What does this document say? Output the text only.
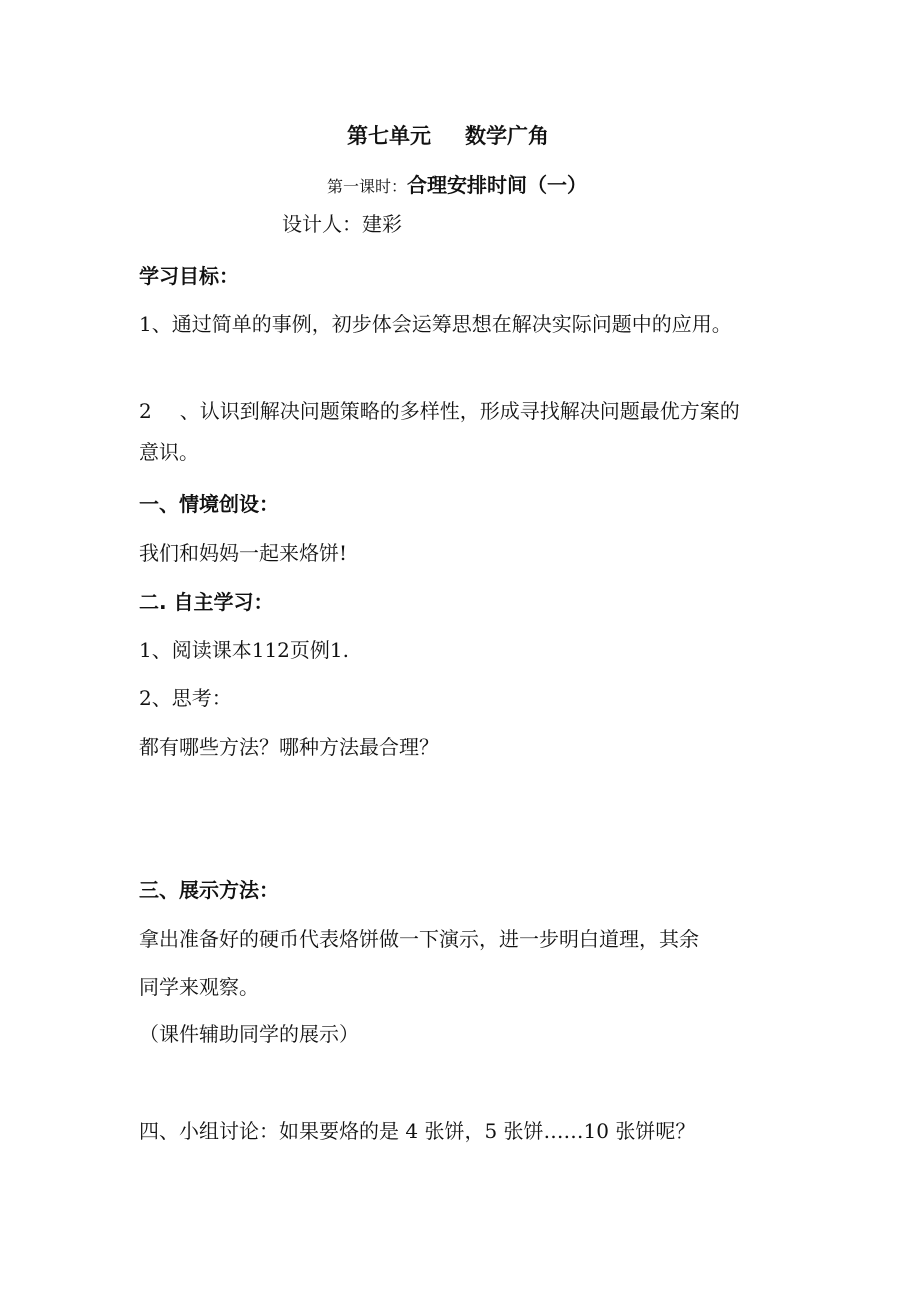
第七单元 数学广角
第一课时：合理安排时间（一）
设计人：建彩
学习目标：
1、通过简单的事例，初步体会运筹思想在解决实际问题中的应用。
2 、认识到解决问题策略的多样性，形成寻找解决问题最优方案的
意识。
一、情境创设：
我们和妈妈一起来烙饼!
二. 自主学习：
1、阅读课本112页例1.
2、思考：
都有哪些方法？哪种方法最合理？
三、展示方法：
拿出准备好的硬币代表烙饼做一下演示，进一步明白道理，其余
同学来观察。
（课件辅助同学的展示）
四、小组讨论：如果要烙的是 4 张饼，5 张饼……10 张饼呢？
